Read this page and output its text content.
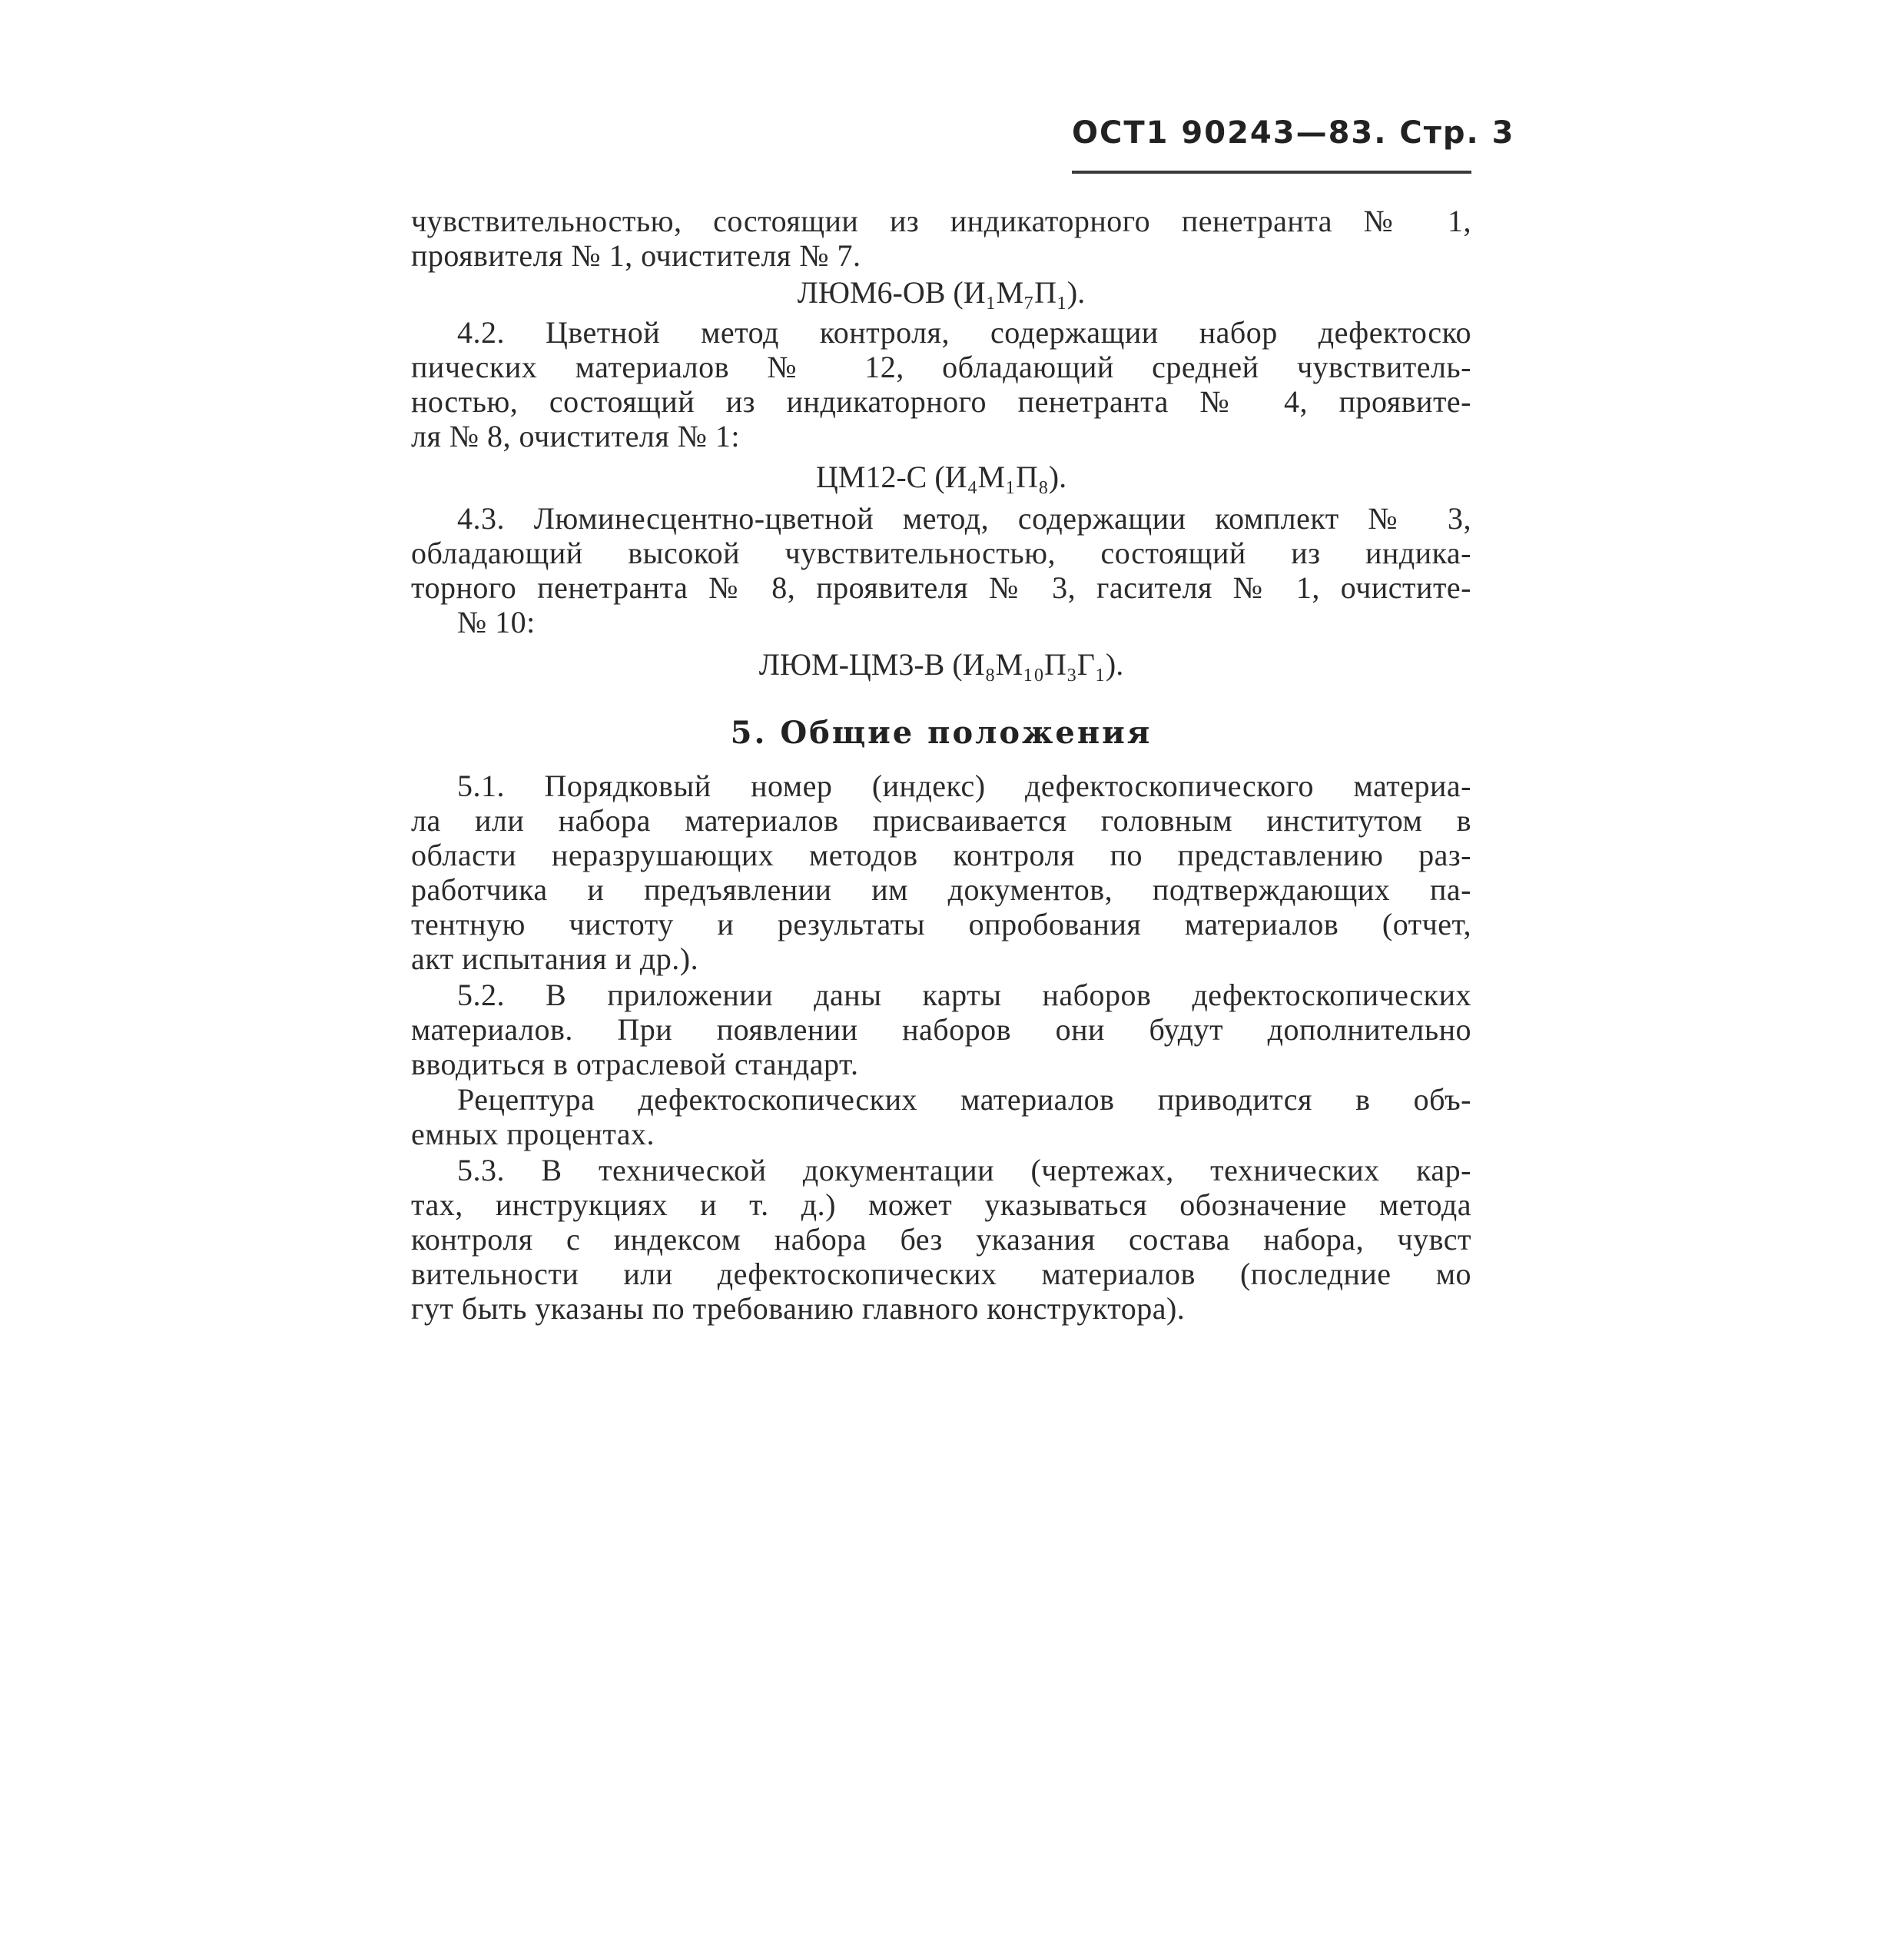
ОСТ1 90243—83. Стр. 3
чувствительностью, состоящии из индикаторного пенетранта № 1,
проявителя № 1, очистителя № 7.
ЛЮМ6-ОВ (И₁М₇П₁).
4.2. Цветной метод контроля, содержащии набор дефектоско
пических материалов № 12, обладающий средней чувствитель-
ностью, состоящий из индикаторного пенетранта № 4, проявите-
ля № 8, очистителя № 1:
ЦМ12-С (И₄М₁П₈).
4.3. Люминесцентно-цветной метод, содержащии комплект № 3,
обладающий высокой чувствительностью, состоящий из индика-
торного пенетранта № 8, проявителя № 3, гасителя № 1, очистите-
№ 10:
ЛЮМ-ЦМ3-В (И₈М₁₀П₃Г₁).
5. Общие положения
5.1. Порядковый номер (индекс) дефектоскопического материа-
ла или набора материалов присваивается головным институтом в
области неразрушающих методов контроля по представлению раз-
работчика и предъявлении им документов, подтверждающих па-
тентную чистоту и результаты опробования материалов (отчет,
акт испытания и др.).
5.2. В приложении даны карты наборов дефектоскопических
материалов. При появлении наборов они будут дополнительно
вводиться в отраслевой стандарт.
Рецептура дефектоскопических материалов приводится в объ-
емных процентах.
5.3. В технической документации (чертежах, технических кар-
тах, инструкциях и т. д.) может указываться обозначение метода
контроля с индексом набора без указания состава набора, чувст
вительности или дефектоскопических материалов (последние мо
гут быть указаны по требованию главного конструктора).
